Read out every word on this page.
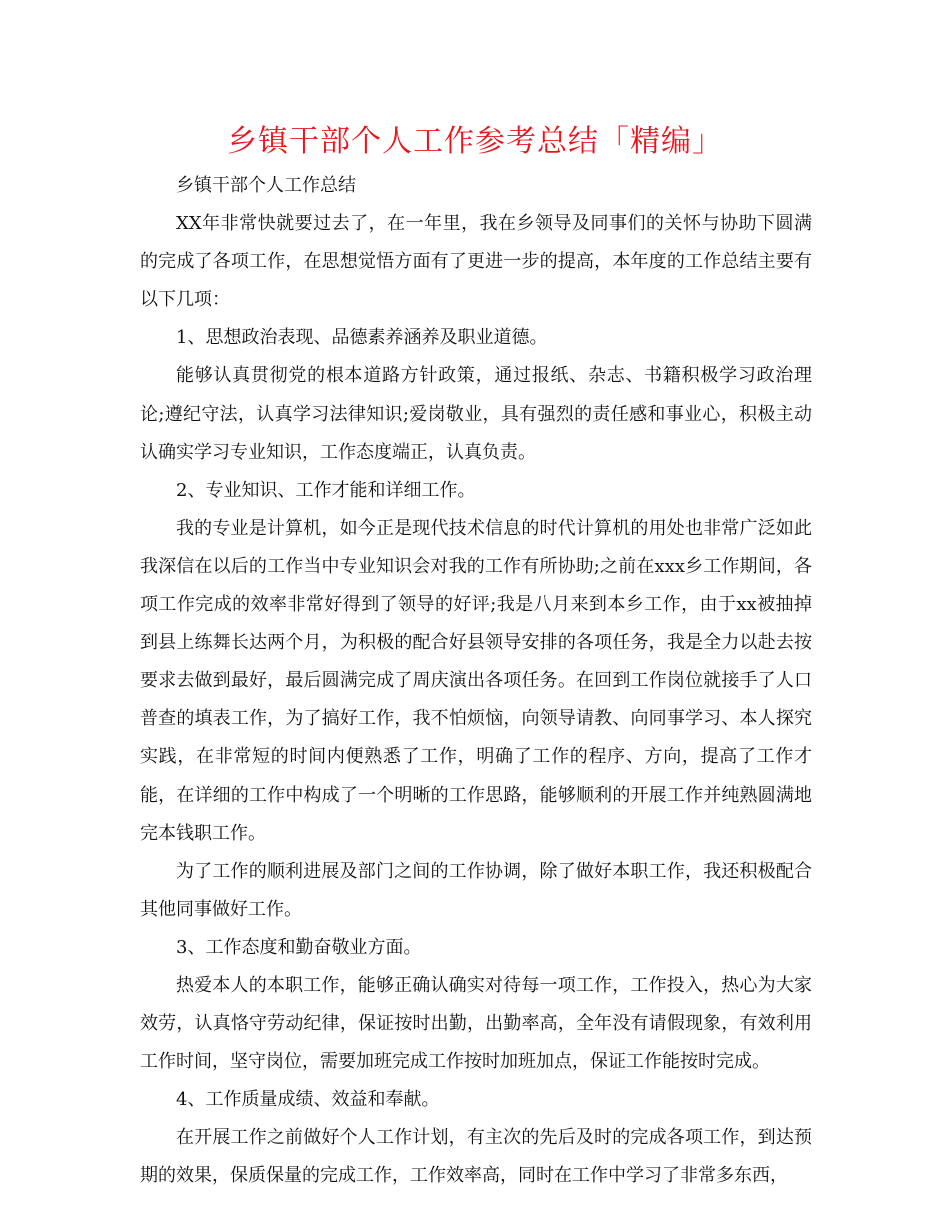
乡镇干部个人工作参考总结「精编」

乡镇干部个人工作总结

XX年非常快就要过去了，在一年里，我在乡领导及同事们的关怀与协助下圆满的完成了各项工作，在思想觉悟方面有了更进一步的提高，本年度的工作总结主要有以下几项：

1、思想政治表现、品德素养涵养及职业道德。

能够认真贯彻党的根本道路方针政策，通过报纸、杂志、书籍积极学习政治理论;遵纪守法，认真学习法律知识;爱岗敬业，具有强烈的责任感和事业心，积极主动认确实学习专业知识，工作态度端正，认真负责。

2、专业知识、工作才能和详细工作。

我的专业是计算机，如今正是现代技术信息的时代计算机的用处也非常广泛如此我深信在以后的工作当中专业知识会对我的工作有所协助;之前在xxx乡工作期间，各项工作完成的效率非常好得到了领导的好评;我是八月来到本乡工作，由于xx被抽掉到县上练舞长达两个月，为积极的配合好县领导安排的各项任务，我是全力以赴去按要求去做到最好，最后圆满完成了周庆演出各项任务。在回到工作岗位就接手了人口普查的填表工作，为了搞好工作，我不怕烦恼，向领导请教、向同事学习、本人探究实践，在非常短的时间内便熟悉了工作，明确了工作的程序、方向，提高了工作才能，在详细的工作中构成了一个明晰的工作思路，能够顺利的开展工作并纯熟圆满地完本钱职工作。

为了工作的顺利进展及部门之间的工作协调，除了做好本职工作，我还积极配合其他同事做好工作。

3、工作态度和勤奋敬业方面。

热爱本人的本职工作，能够正确认确实对待每一项工作，工作投入，热心为大家效劳，认真恪守劳动纪律，保证按时出勤，出勤率高，全年没有请假现象，有效利用工作时间，坚守岗位，需要加班完成工作按时加班加点，保证工作能按时完成。

4、工作质量成绩、效益和奉献。

在开展工作之前做好个人工作计划，有主次的先后及时的完成各项工作，到达预期的效果，保质保量的完成工作，工作效率高，同时在工作中学习了非常多东西，
